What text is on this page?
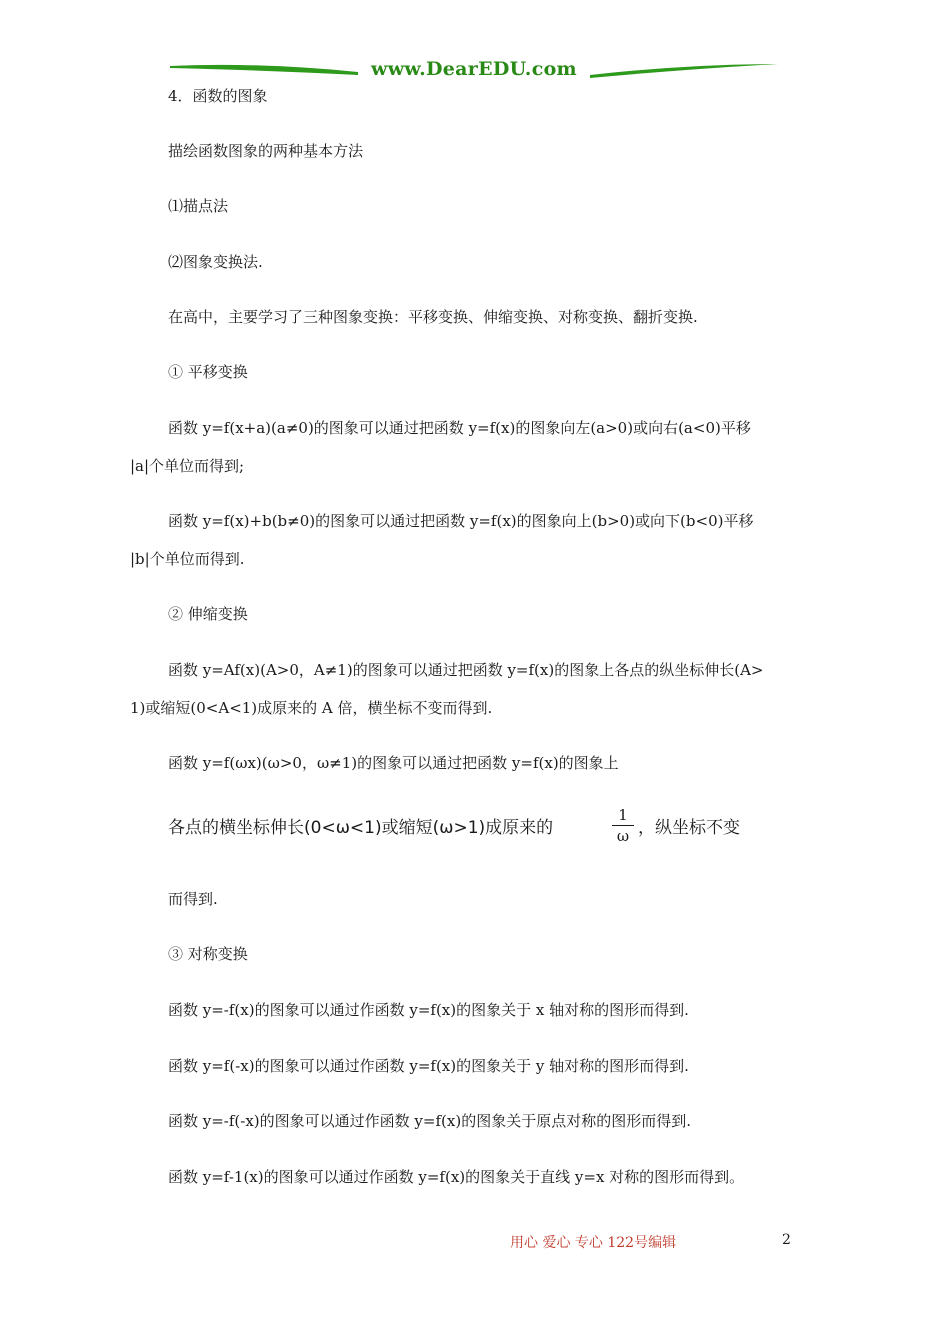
www.DearEDU.com
4．函数的图象
描绘函数图象的两种基本方法
⑴描点法
⑵图象变换法.
在高中，主要学习了三种图象变换：平移变换、伸缩变换、对称变换、翻折变换.
① 平移变换
函数 y=f(x+a)(a≠0)的图象可以通过把函数 y=f(x)的图象向左(a>0)或向右(a<0)平移
|a|个单位而得到;
函数 y=f(x)+b(b≠0)的图象可以通过把函数 y=f(x)的图象向上(b>0)或向下(b<0)平移
|b|个单位而得到.
② 伸缩变换
函数 y=Af(x)(A>0，A≠1)的图象可以通过把函数 y=f(x)的图象上各点的纵坐标伸长(A>
1)或缩短(0<A<1)成原来的 A 倍，横坐标不变而得到.
函数 y=f(ωx)(ω>0，ω≠1)的图象可以通过把函数 y=f(x)的图象上
各点的横坐标伸长(0<ω<1)或缩短(ω>1)成原来的
1
ω ，纵坐标不变
而得到.
③ 对称变换
函数 y=-f(x)的图象可以通过作函数 y=f(x)的图象关于 x 轴对称的图形而得到.
函数 y=f(-x)的图象可以通过作函数 y=f(x)的图象关于 y 轴对称的图形而得到.
函数 y=-f(-x)的图象可以通过作函数 y=f(x)的图象关于原点对称的图形而得到.
函数 y=f-1(x)的图象可以通过作函数 y=f(x)的图象关于直线 y=x 对称的图形而得到。
用心 爱心 专心 122号编辑	2
